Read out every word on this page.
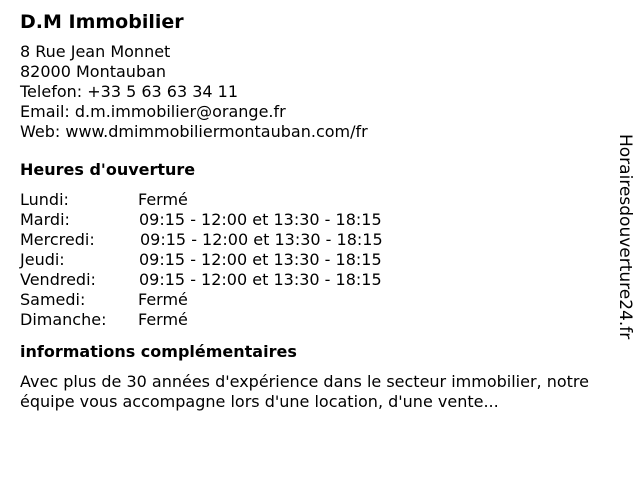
D.M Immobilier
8 Rue Jean Monnet
82000 Montauban
Telefon: +33 5 63 63 34 11
Email: d.m.immobilier@orange.fr
Web: www.dmimmobiliermontauban.com/fr
Heures d'ouverture
Lundi:	Fermé
Mardi:	09:15 - 12:00 et 13:30 - 18:15
Mercredi:	09:15 - 12:00 et 13:30 - 18:15
Jeudi:	09:15 - 12:00 et 13:30 - 18:15
Vendredi:	09:15 - 12:00 et 13:30 - 18:15
Samedi:	Fermé
Dimanche: Fermé
informations complémentaires
Avec plus de 30 années d'expérience dans le secteur immobilier, notre équipe vous accompagne lors d'une location, d'une vente...
Horairesdouverture24.fr
